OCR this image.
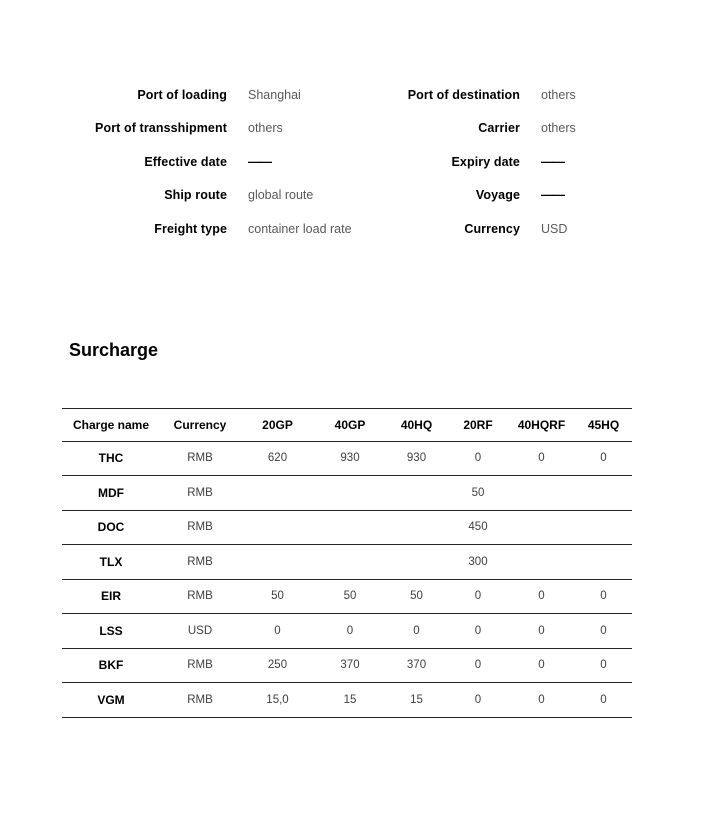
Port of loading Shanghai
Port of transshipment others
Effective date ——
Ship route global route
Freight type container load rate
Port of destination others
Carrier others
Expiry date ——
Voyage ——
Currency USD
Surcharge
Charge name	Currency	20GP	40GP	40HQ	20RF	40HQRF	45HQ
THC	RMB	620	930	930	0	0	0
MDF	RMB				50		
DOC	RMB				450		
TLX	RMB				300		
EIR	RMB	50	50	50	0	0	0
LSS	USD	0	0	0	0	0	0
BKF	RMB	250	370	370	0	0	0
VGM	RMB	15,0	15	15	0	0	0
